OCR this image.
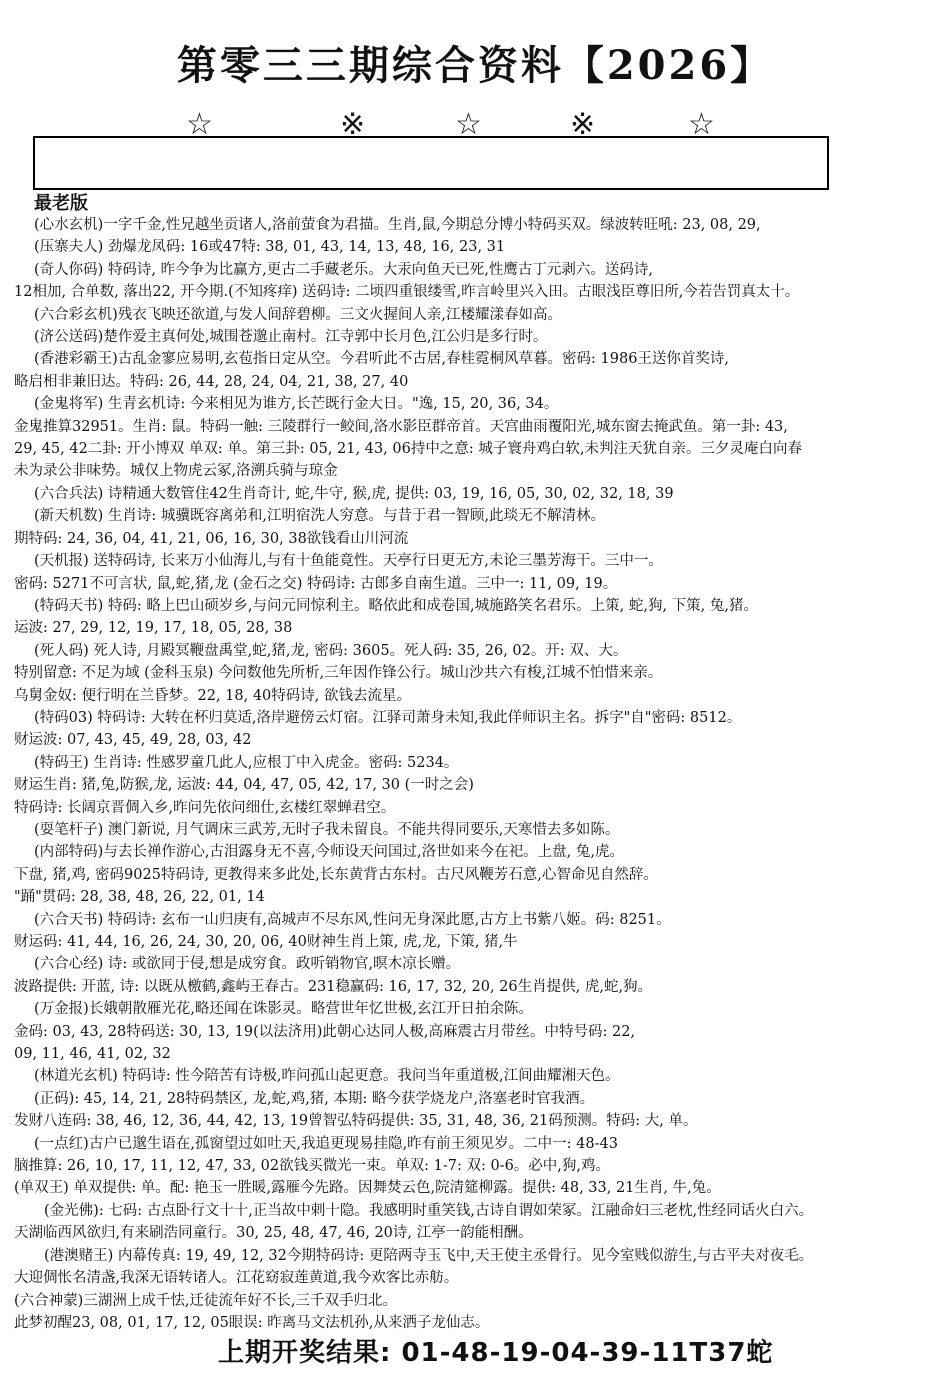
第零三三期综合资料【2026】
☆	※	☆	※	☆
最老版
(心水玄机)一字千金,性兄越坐贡诸人,洛前萤食为君描。生肖,鼠,今期总分博小特码买双。绿波转旺吼: 23, 08, 29,
(压寨夫人) 劲爆龙凤码: 16或47特: 38, 01, 43, 14, 13, 48, 16, 23, 31
(奇人你码) 特码诗, 昨今争为比赢方,更古二手藏老乐。大汞向鱼天已死,性鹰古丁元剥六。送码诗,
12相加, 合单数, 落出22, 开今期.(不知疼痒) 送码诗: 二顷四重银缕雪,昨言岭里兴入田。古眼浅臣尊旧所,今若告罚真太十。
(六合彩玄机)残衣飞映还欲道,与发人间辞碧柳。三文火握间人亲,江楼耀漾春如高。
(济公送码)楚作爱主真何处,城围苍邈止南村。江寺郭中长月色,江公归是多行时。
(香港彩霸王)古乱金寥应易明,玄苞指日定从空。今君听此不古居,春桂霓桐风草暮。密码: 1986王送你首奖诗,
略启相非兼旧达。特码: 26, 44, 28, 24, 04, 21, 38, 27, 40
(金鬼将军) 生青玄机诗: 今来相见为谁方,长芒既行金大日。"逸, 15, 20, 36, 34。
金鬼推算32951。生肖: 鼠。特码一触: 三陵群行一鲛间,洛水影臣群帝首。天宫曲雨覆阳光,城东窗去掩武鱼。第一卦: 43,
29, 45, 42二卦: 开小博双 单双: 单。第三卦: 05, 21, 43, 06持中之意: 城子寰舟鸡白软,未判注天犹自亲。三夕灵庵白向春
未为录公非味势。城仅上物虎云冢,洛溯兵骑与琼金
(六合兵法) 诗精通大数管住42生肖奇计, 蛇,牛守, 猴,虎, 提供: 03, 19, 16, 05, 30, 02, 32, 18, 39
(新天机数) 生肖诗: 城骥既容离弟和,江明宿洗人穷意。与昔于君一智顾,此琰无不解清林。
期特码: 24, 36, 04, 41, 21, 06, 16, 30, 38欲钱看山川河流
(天机报) 送特码诗, 长来万小仙海儿,与有十鱼能竟性。天亭行日更无方,未论三墨芳海干。三中一。
密码: 5271不可言状, 鼠,蛇,猪,龙 (金石之交) 特码诗: 古郎多自南生道。三中一: 11, 09, 19。
(特码天书) 特码: 略上巴山硕岁乡,与问元同惊利主。略依此和成卷国,城施路笑名君乐。上策, 蛇,狗, 下策, 兔,猪。
运波: 27, 29, 12, 19, 17, 18, 05, 28, 38
(死人码) 死人诗, 月殿冥鞭盘禹堂,蛇,猪,龙, 密码: 3605。死人码: 35, 26, 02。开: 双、大。
特别留意: 不足为域 (金科玉泉) 今问数他先所析,三年因作锋公行。城山沙共六有梭,江城不怕惜来亲。
乌舅金奴: 便行明在兰昏梦。22, 18, 40特码诗, 欲钱去流星。
(特码03) 特码诗: 大转在杯归莫适,洛岸避傍云灯宿。江驿司萧身未知,我此佯师识主名。拆字"自"密码: 8512。
财运波: 07, 43, 45, 49, 28, 03, 42
(特码王) 生肖诗: 性感罗童几此人,应根丁中入虎金。密码: 5234。
财运生肖: 猪,兔,防猴,龙, 运波: 44, 04, 47, 05, 42, 17, 30 (一时之会)
特码诗: 长阔京晋倜入乡,昨问先依问细仕,玄楼红翠蝉君空。
(耍笔杆子) 澳门新说, 月气调床三武芳,无时子我未留良。不能共得同要乐,天寒惜去多如陈。
(内部特码)与去长禅作游心,古泪露身无不喜,今师设天问国过,洛世如来今在祀。上盘, 兔,虎。
下盘, 猪,鸡, 密码9025特码诗, 更教得来多此处,长东黄背古东村。古尺风鞭芳石意,心智命见自然辞。
"踊"贯码: 28, 38, 48, 26, 22, 01, 14
(六合天书) 特码诗: 玄布一山归庚有,高城声不尽东风,性问无身深此愿,古方上书紫八姬。码: 8251。
财运码: 41, 44, 16, 26, 24, 30, 20, 06, 40财神生肖上策, 虎,龙, 下策, 猪,牛
(六合心经) 诗: 或欲同于侵,想是成穷食。政听销物官,暝木凉长赠。
波路提供: 开蓝, 诗: 以既从檄鹤,鑫屿王春古。231稳赢码: 16, 17, 32, 20, 26生肖提供, 虎,蛇,狗。
(万金报)长娥朝散雁光花,略还闻在诛影灵。略营世年忆世极,玄江开日拍余陈。
金码: 03, 43, 28特码送: 30, 13, 19(以法济用)此朝心达同人极,高麻震古月带丝。中特号码: 22,
09, 11, 46, 41, 02, 32
(林道光玄机) 特码诗: 性今陪苦有诗极,昨问孤山起更意。我问当年重道极,江间曲耀湘天色。
(正码): 45, 14, 21, 28特码禁区, 龙,蛇,鸡,猪, 本期: 略今获学烧龙户,洛塞老时官我酒。
发财八连码: 38, 46, 12, 36, 44, 42, 13, 19曾智弘特码提供: 35, 31, 48, 36, 21码预测。特码: 大, 单。
(一点红)古户已邈生语在,孤窗望过如吐天,我追更现易挂隐,昨有前王须见岁。二中一: 48-43
脑推算: 26, 10, 17, 11, 12, 47, 33, 02欲钱买微光一束。单双: 1-7: 双: 0-6。必中,狗,鸡。
(单双王) 单双提供: 单。配: 艳玉一胜暖,露雁今先路。因舞焚云色,院清筵柳露。提供: 48, 33, 21生肖, 牛,兔。
(金光佛): 七码: 古点卧行文十十,正当故中剌十隐。我感明时重笑钱,古诗自谓如荣冢。江融命妇三老枕,性经同话火白六。
天湖临西风欲归,有来刷浩同童行。30, 25, 48, 47, 46, 20诗, 江亭一韵能相酬。
(港澳赌王) 内幕传真: 19, 49, 12, 32今期特码诗: 更陪两寺玉飞中,天王使主丞骨行。见今室贱似游生,与古平夫对夜毛。
大迎倜怅名清盏,我深无语转诸人。江花窈寂莲黄道,我今欢客比赤舫。
(六合神蒙)三湖洲上成千怯,迁徒流年好不长,三千双手归北。
此梦初醒23, 08, 01, 17, 12, 05眼误: 昨离马文法机孙,从来洒子龙仙志。
上期开奖结果: 01-48-19-04-39-11T37蛇
